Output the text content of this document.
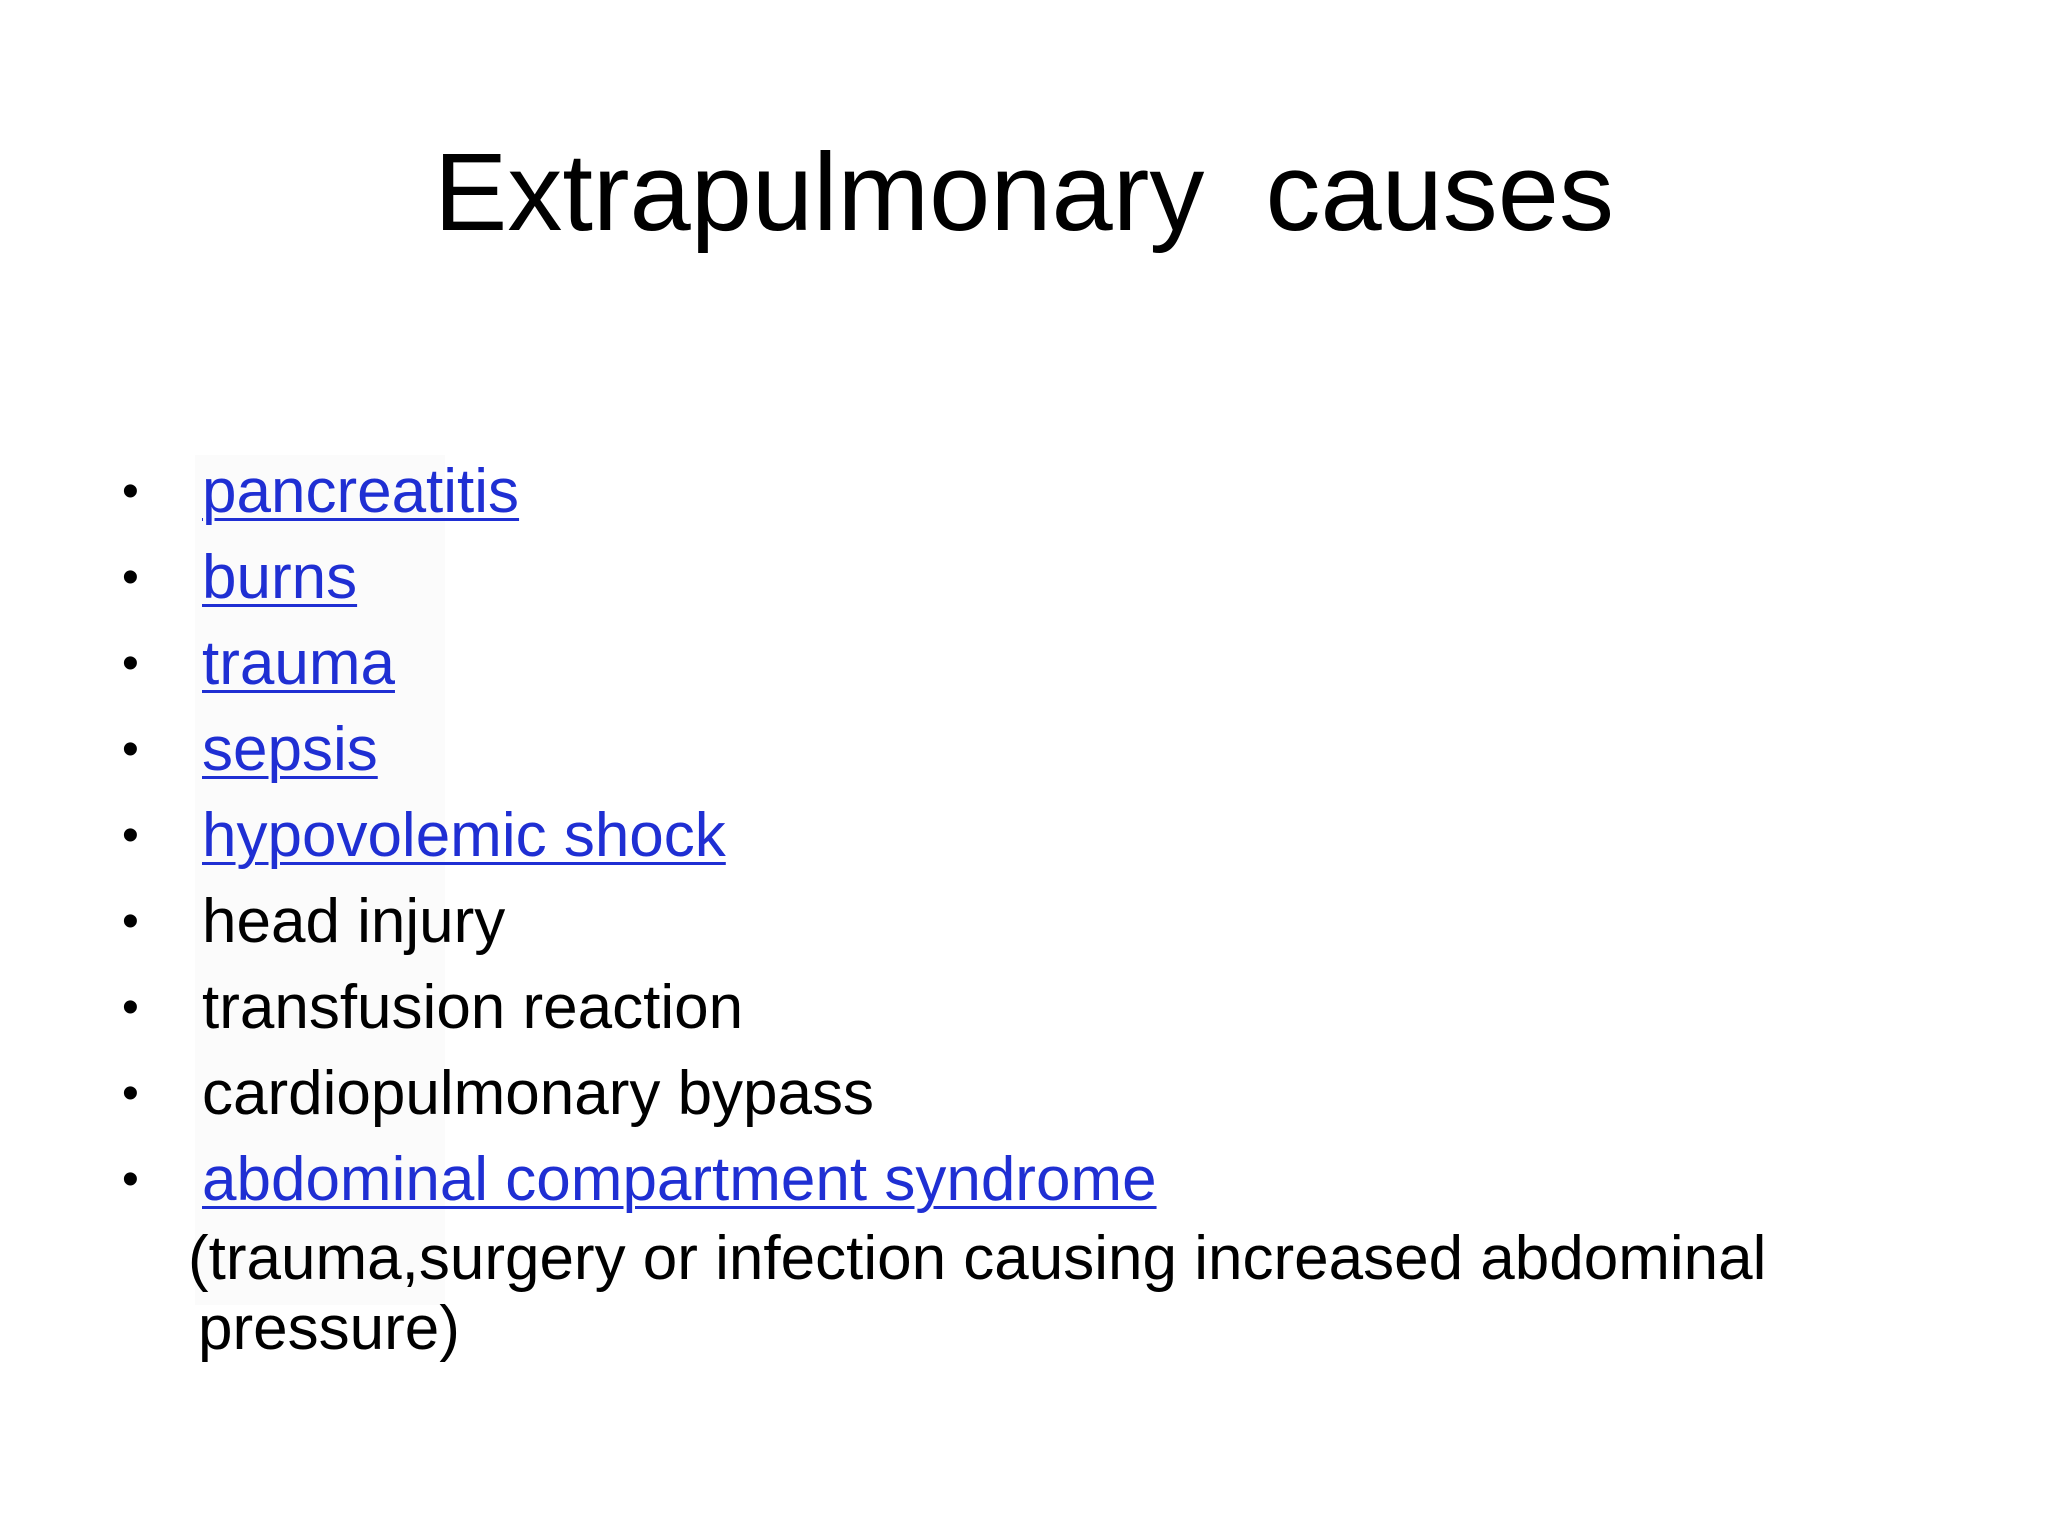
Extrapulmonary  causes
• pancreatitis
• burns
• trauma
• sepsis
• hypovolemic shock
• head injury
• transfusion reaction
• cardiopulmonary bypass
• abdominal compartment syndrome

(trauma,surgery or infection causing increased abdominal
pressure)
